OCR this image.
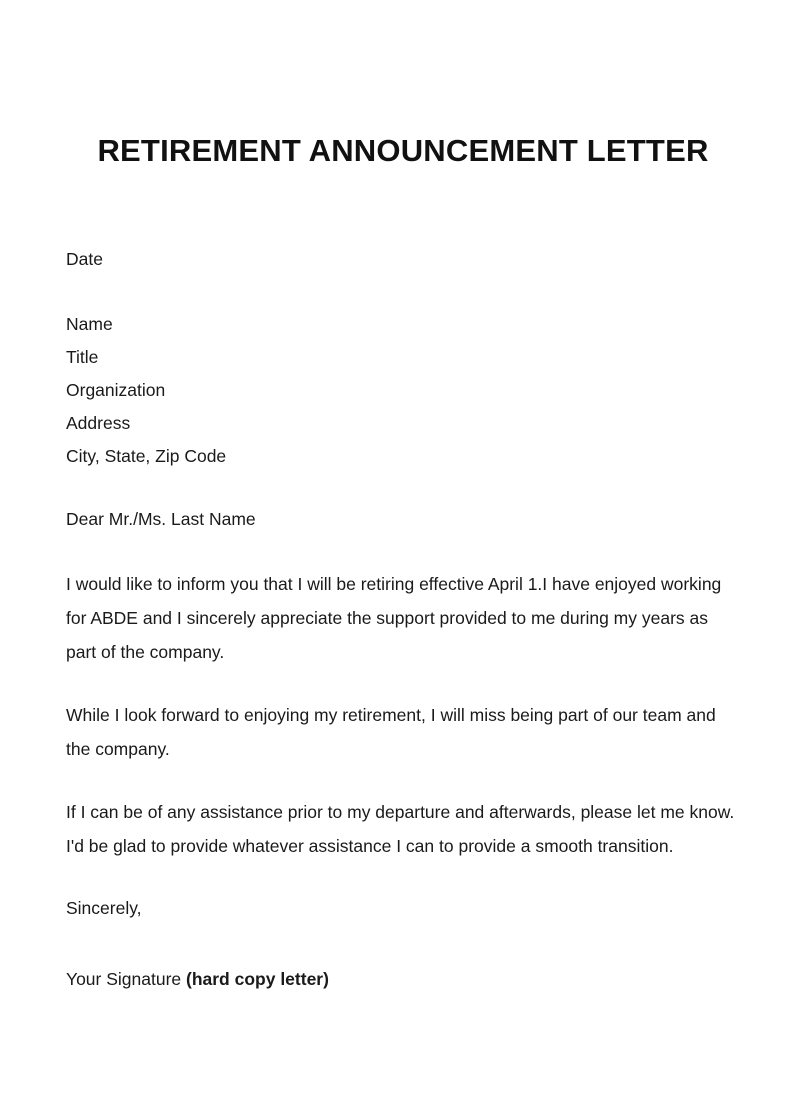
RETIREMENT ANNOUNCEMENT LETTER
Date
Name
Title
Organization
Address
City, State, Zip Code
Dear Mr./Ms. Last Name

I would like to inform you that I will be retiring effective April 1.I have enjoyed working for ABDE and I sincerely appreciate the support provided to me during my years as part of the company.

While I look forward to enjoying my retirement, I will miss being part of our team and the company.

If I can be of any assistance prior to my departure and afterwards, please let me know. I'd be glad to provide whatever assistance I can to provide a smooth transition.

Sincerely,
Your Signature (hard copy letter)
